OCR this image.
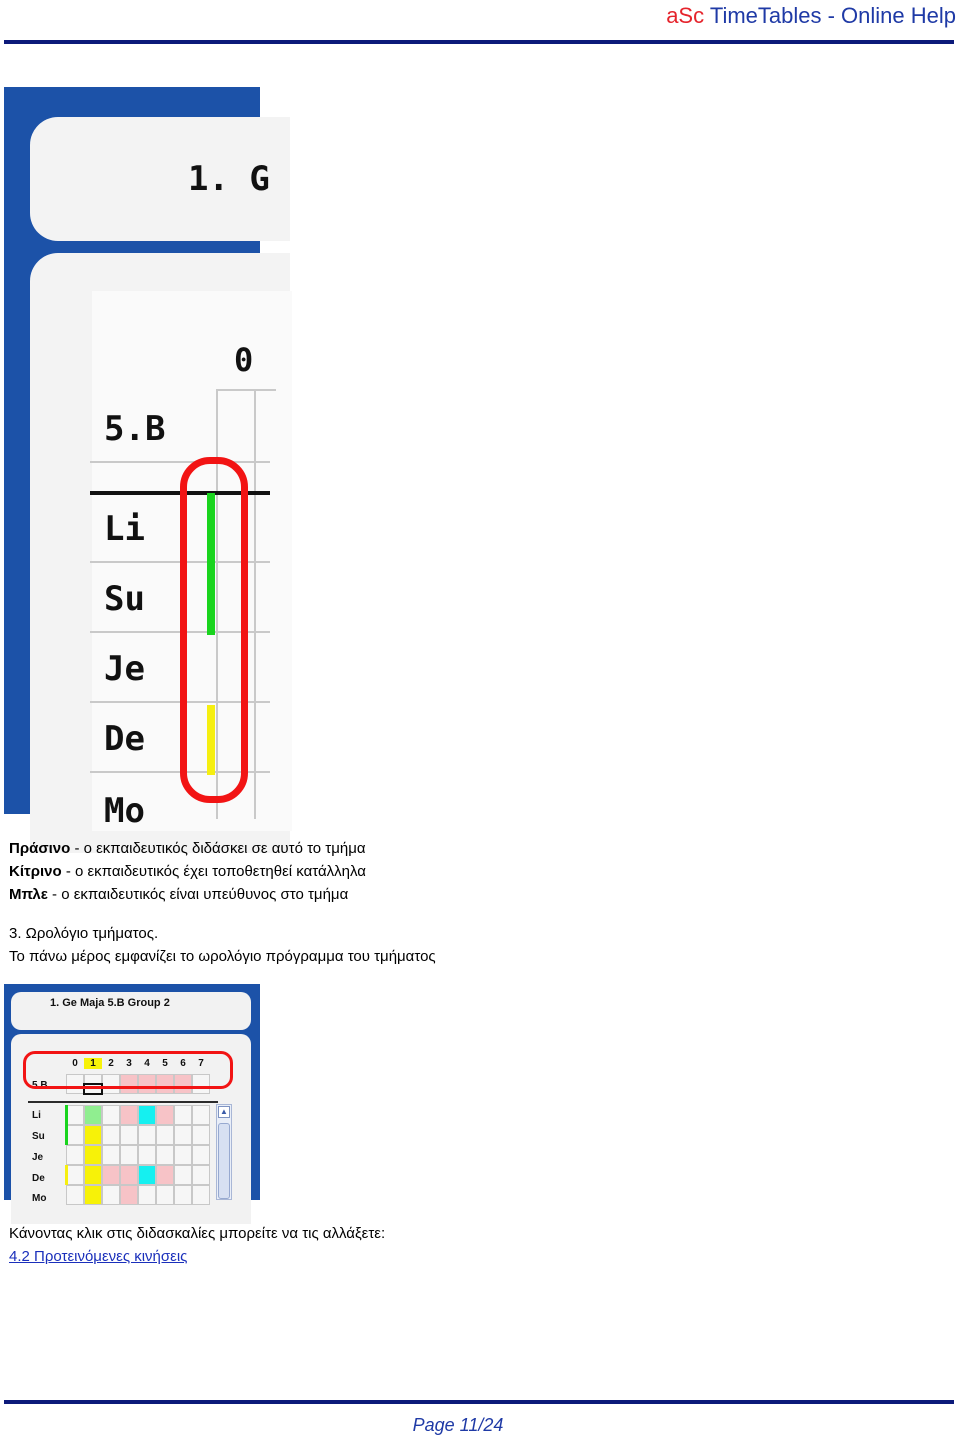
aSc TimeTables - Online Help
1. G
0
5.B
Li
Su
Je
De
Mo
Πράσινο - ο εκπαιδευτικός διδάσκει σε αυτό το τμήμα
Κίτρινο - ο εκπαιδευτικός έχει τοποθετηθεί κατάλληλα
Μπλε - ο εκπαιδευτικός είναι υπεύθυνος στο τμήμα
3. Ωρολόγιο τμήματος.
Το πάνω μέρος εμφανίζει το ωρολόγιο πρόγραμμα του τμήματος
1. Ge Maja 5.B Group 2
0	1	2	3	4	5	6	7
5.B
Li
Su
Je
De
Mo
▲
Κάνοντας κλικ στις διδασκαλίες μπορείτε να τις αλλάξετε:
4.2 Προτεινόμενες κινήσεις
Page 11/24
